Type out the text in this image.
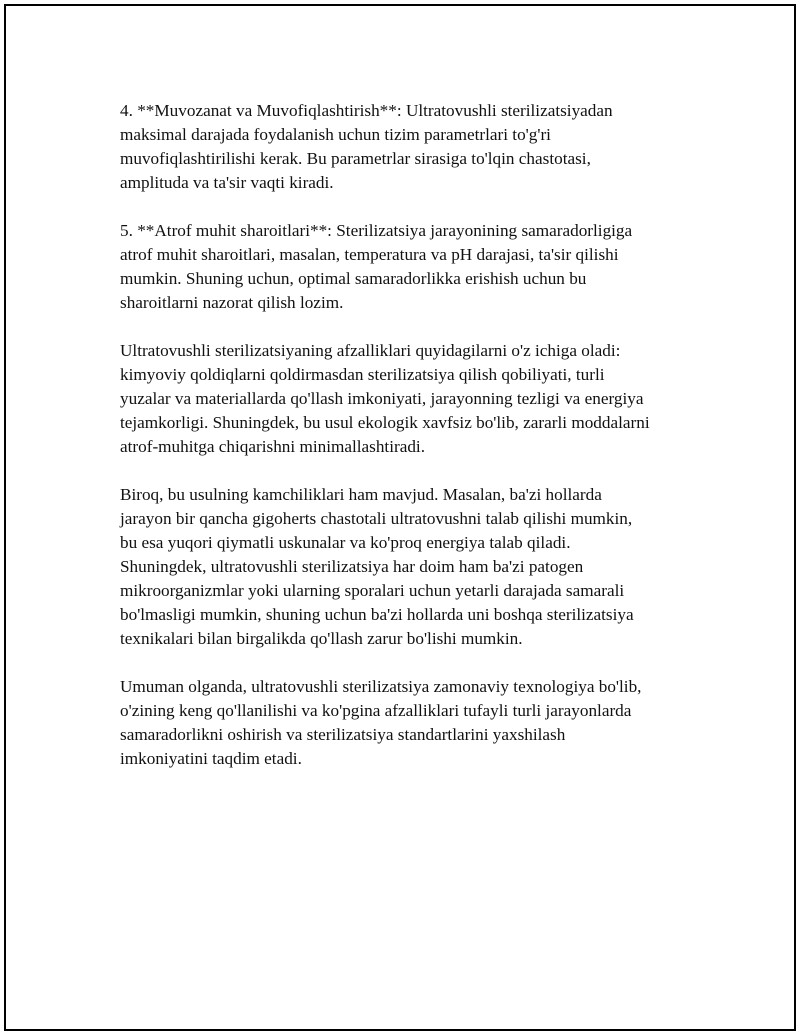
4. **Muvozanat va Muvofiqlashtirish**: Ultratovushli sterilizatsiyadan
maksimal darajada foydalanish uchun tizim parametrlari to'g'ri
muvofiqlashtirilishi kerak. Bu parametrlar sirasiga to'lqin chastotasi,
amplituda va ta'sir vaqti kiradi.

5. **Atrof muhit sharoitlari**: Sterilizatsiya jarayonining samaradorligiga
atrof muhit sharoitlari, masalan, temperatura va pH darajasi, ta'sir qilishi
mumkin. Shuning uchun, optimal samaradorlikka erishish uchun bu
sharoitlarni nazorat qilish lozim.

Ultratovushli sterilizatsiyaning afzalliklari quyidagilarni o'z ichiga oladi:
kimyoviy qoldiqlarni qoldirmasdan sterilizatsiya qilish qobiliyati, turli
yuzalar va materiallarda qo'llash imkoniyati, jarayonning tezligi va energiya
tejamkorligi. Shuningdek, bu usul ekologik xavfsiz bo'lib, zararli moddalarni
atrof-muhitga chiqarishni minimallashtiradi.

Biroq, bu usulning kamchiliklari ham mavjud. Masalan, ba'zi hollarda
jarayon bir qancha gigoherts chastotali ultratovushni talab qilishi mumkin,
bu esa yuqori qiymatli uskunalar va ko'proq energiya talab qiladi.
Shuningdek, ultratovushli sterilizatsiya har doim ham ba'zi patogen
mikroorganizmlar yoki ularning sporalari uchun yetarli darajada samarali
bo'lmasligi mumkin, shuning uchun ba'zi hollarda uni boshqa sterilizatsiya
texnikalari bilan birgalikda qo'llash zarur bo'lishi mumkin.

Umuman olganda, ultratovushli sterilizatsiya zamonaviy texnologiya bo'lib,
o'zining keng qo'llanilishi va ko'pgina afzalliklari tufayli turli jarayonlarda
samaradorlikni oshirish va sterilizatsiya standartlarini yaxshilash
imkoniyatini taqdim etadi.
